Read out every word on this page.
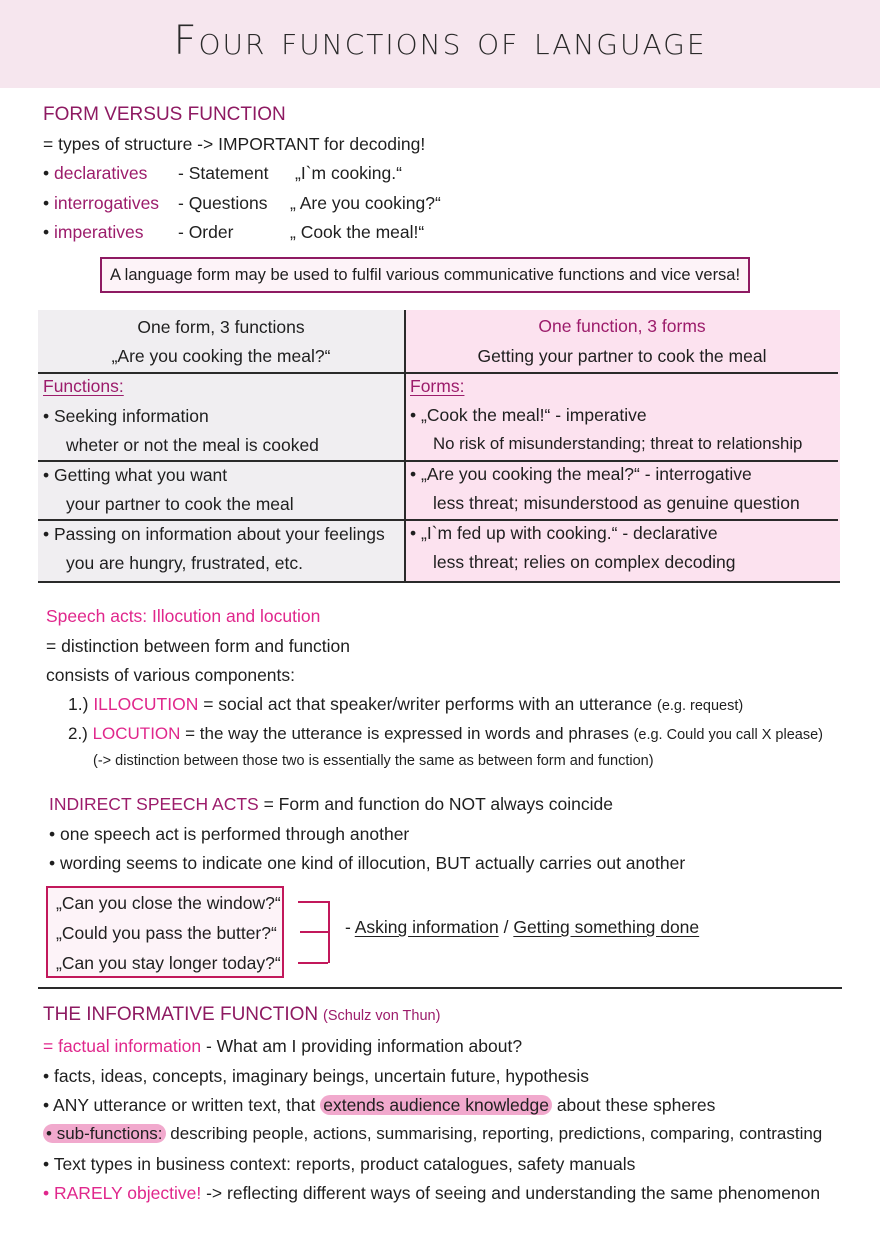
Four functions of language
FORM VERSUS FUNCTION
= types of structure -> IMPORTANT for decoding!
• declaratives - Statement „I`m cooking.“
• interrogatives - Questions „ Are you cooking?“
• imperatives - Order	„ Cook the meal!“
A language form may be used to fulfil various communicative functions and vice versa!
One form, 3 functions
„Are you cooking the meal?“
One function, 3 forms
Getting your partner to cook the meal
Functions:	Forms:
• Seeking information
wheter or not the meal is cooked
• Getting what you want
your partner to cook the meal
• Passing on information about your feelings
you are hungry, frustrated, etc.
• „Cook the meal!“ - imperative
No risk of misunderstanding; threat to relationship
• „Are you cooking the meal?“ - interrogative
less threat; misunderstood as genuine question
• „I`m fed up with cooking.“ - declarative
less threat; relies on complex decoding
Speech acts: Illocution and locution
= distinction between form and function
consists of various components:
1.) ILLOCUTION = social act that speaker/writer performs with an utterance (e.g. request)
2.) LOCUTION = the way the utterance is expressed in words and phrases (e.g. Could you call X please)
(-> distinction between those two is essentially the same as between form and function)
INDIRECT SPEECH ACTS = Form and function do NOT always coincide
• one speech act is performed through another
• wording seems to indicate one kind of illocution, BUT actually carries out another
„Can you close the window?“
„Could you pass the butter?“
„Can you stay longer today?“
- Asking information / Getting something done
THE INFORMATIVE FUNCTION (Schulz von Thun)
= factual information - What am I providing information about?
• facts, ideas, concepts, imaginary beings, uncertain future, hypothesis
• ANY utterance or written text, that extends audience knowledge about these spheres
• sub-functions: describing people, actions, summarising, reporting, predictions, comparing, contrasting
• Text types in business context: reports, product catalogues, safety manuals
• RARELY objective! -> reflecting different ways of seeing and understanding the same phenomenon
